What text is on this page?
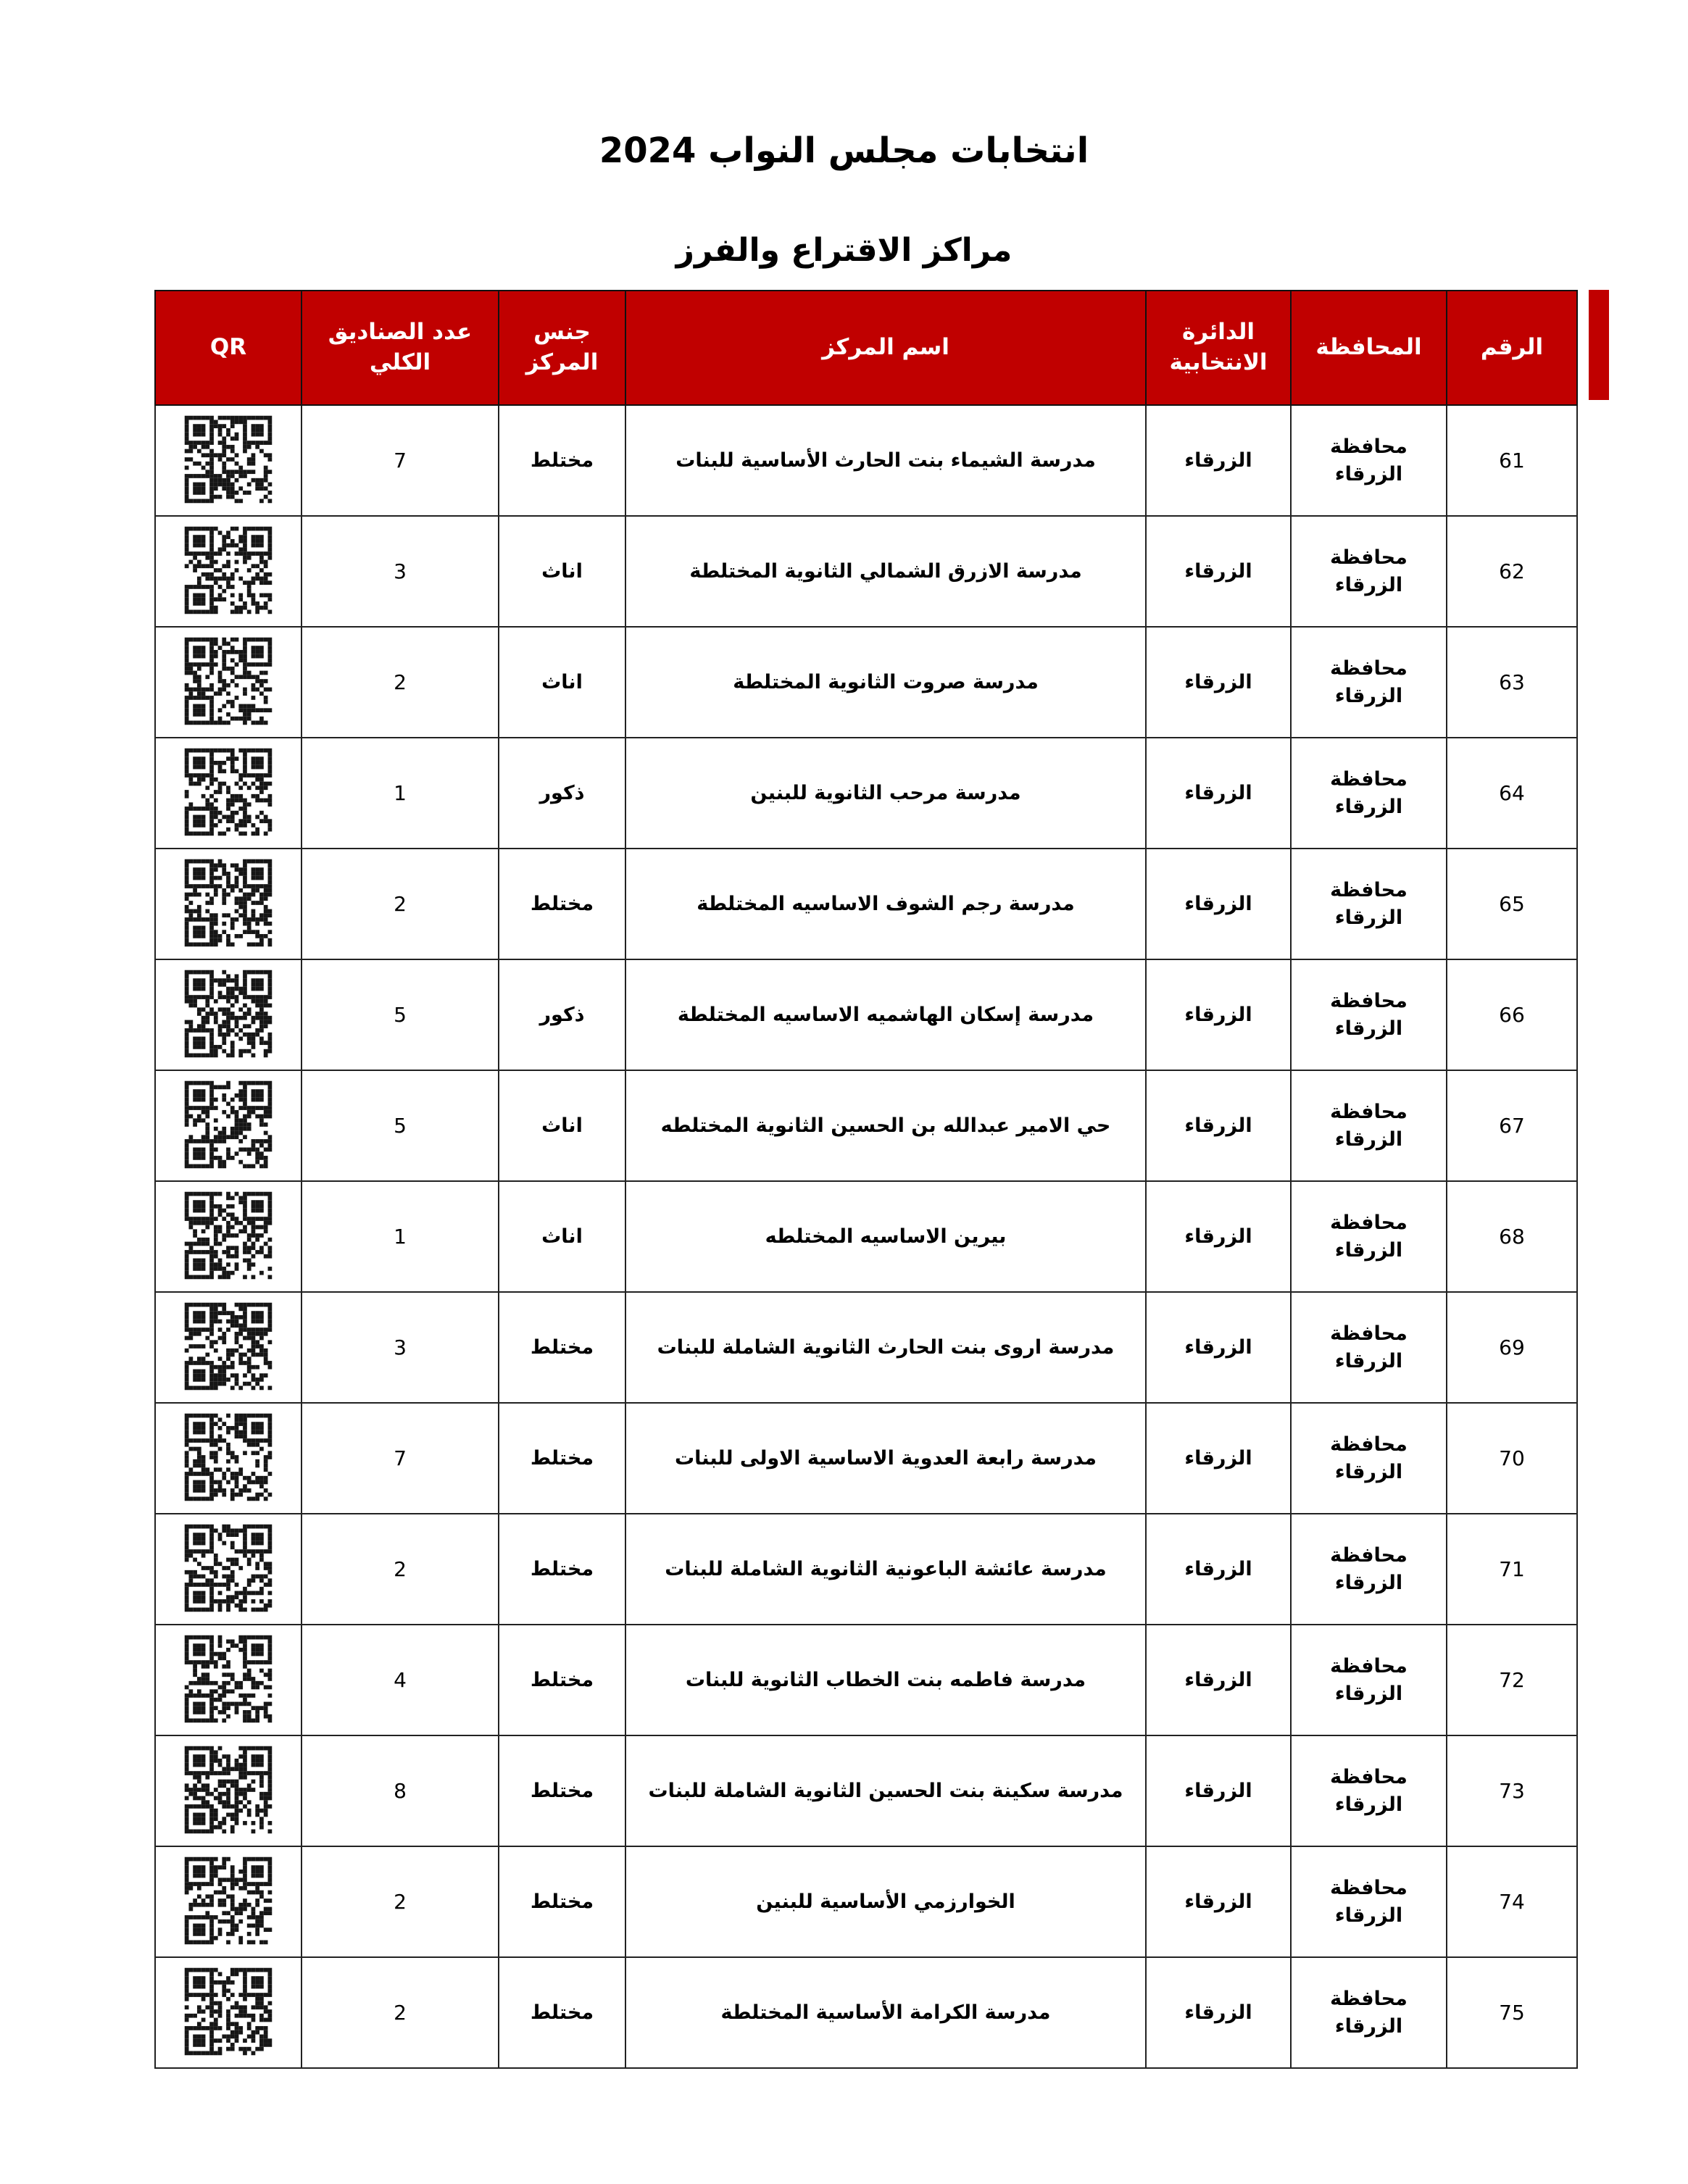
انتخابات مجلس النواب 2024
مراكز الاقتراع والفرز
الرقم	المحافظة	الدائرة الانتخابية	اسم المركز	جنس المركز	عدد الصناديق الكلي	QR
61	محافظة الزرقاء	الزرقاء	مدرسة الشيماء بنت الحارث الأساسية للبنات	مختلط	7	

62	محافظة الزرقاء	الزرقاء	مدرسة الازرق الشمالي الثانوية المختلطة	اناث	3	

63	محافظة الزرقاء	الزرقاء	مدرسة صروت الثانوية المختلطة	اناث	2	

64	محافظة الزرقاء	الزرقاء	مدرسة مرحب الثانوية للبنين	ذكور	1	

65	محافظة الزرقاء	الزرقاء	مدرسة رجم الشوف الاساسيه المختلطة	مختلط	2	

66	محافظة الزرقاء	الزرقاء	مدرسة إسكان الهاشميه الاساسيه المختلطة	ذكور	5	

67	محافظة الزرقاء	الزرقاء	حي الامير عبدالله بن الحسين الثانوية المختلطه	اناث	5	

68	محافظة الزرقاء	الزرقاء	بيرين الاساسيه المختلطه	اناث	1	

69	محافظة الزرقاء	الزرقاء	مدرسة اروى بنت الحارث الثانوية الشاملة للبنات	مختلط	3	

70	محافظة الزرقاء	الزرقاء	مدرسة رابعة العدوية الاساسية الاولى للبنات	مختلط	7	

71	محافظة الزرقاء	الزرقاء	مدرسة عائشة الباعونية الثانوية الشاملة للبنات	مختلط	2	

72	محافظة الزرقاء	الزرقاء	مدرسة فاطمه بنت الخطاب الثانوية للبنات	مختلط	4	

73	محافظة الزرقاء	الزرقاء	مدرسة سكينة بنت الحسين الثانوية الشاملة للبنات	مختلط	8	

74	محافظة الزرقاء	الزرقاء	الخوارزمي الأساسية للبنين	مختلط	2	

75	محافظة الزرقاء	الزرقاء	مدرسة الكرامة الأساسية المختلطة	مختلط	2	
